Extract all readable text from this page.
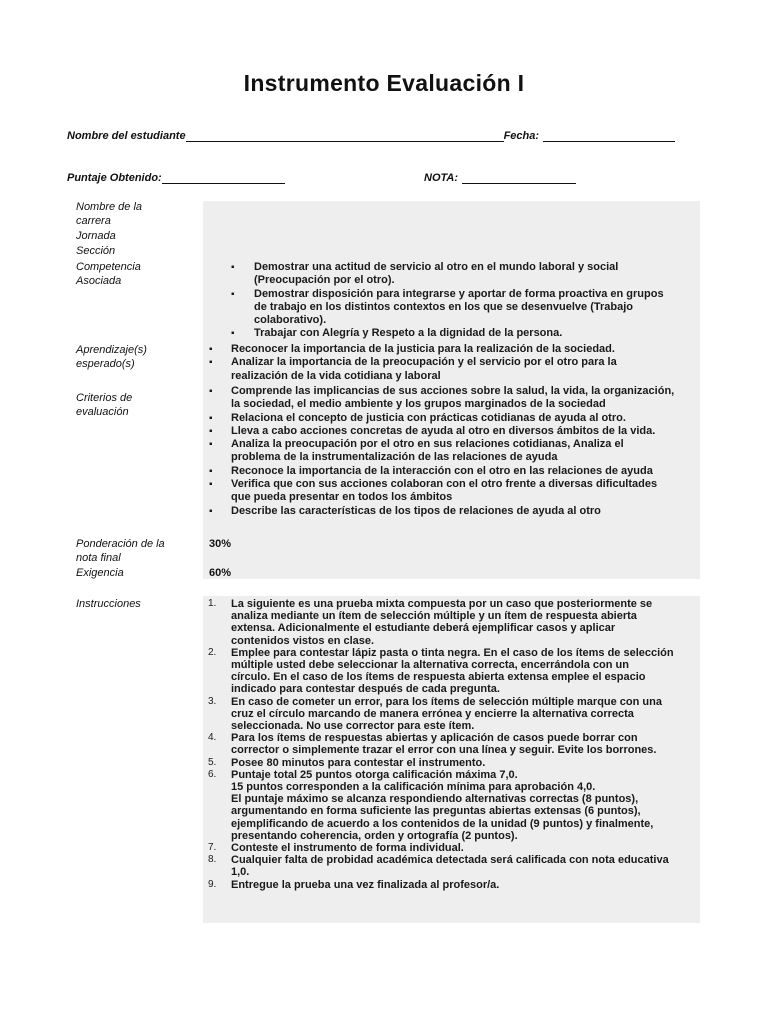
Instrumento Evaluación I
Nombre del estudiante	Fecha:
Puntaje Obtenido:	NOTA:
Nombre de la carrera
Jornada
Sección
Competencia Asociada
Aprendizaje(s) esperado(s)
Criterios de evaluación
Ponderación de la nota final
Exigencia
Instrucciones
▪ Demostrar una actitud de servicio al otro en el mundo laboral y social
(Preocupación por el otro).
▪ Demostrar disposición para integrarse y aportar de forma proactiva en grupos
de trabajo en los distintos contextos en los que se desenvuelve (Trabajo
colaborativo).
▪ Trabajar con Alegría y Respeto a la dignidad de la persona.
▪ Reconocer la importancia de la justicia para la realización de la sociedad.
▪ Analizar la importancia de la preocupación y el servicio por el otro para la
realización de la vida cotidiana y laboral
▪ Comprende las implicancias de sus acciones sobre la salud, la vida, la organización,
la sociedad, el medio ambiente y los grupos marginados de la sociedad
▪ Relaciona el concepto de justicia con prácticas cotidianas de ayuda al otro.
▪ Lleva a cabo acciones concretas de ayuda al otro en diversos ámbitos de la vida.
▪ Analiza la preocupación por el otro en sus relaciones cotidianas, Analiza el
problema de la instrumentalización de las relaciones de ayuda
▪ Reconoce la importancia de la interacción con el otro en las relaciones de ayuda
▪ Verifica que con sus acciones colaboran con el otro frente a diversas dificultades
que pueda presentar en todos los ámbitos
▪ Describe las características de los tipos de relaciones de ayuda al otro
30%
60%
1. La siguiente es una prueba mixta compuesta por un caso que posteriormente se
analiza mediante un ítem de selección múltiple y un ítem de respuesta abierta
extensa. Adicionalmente el estudiante deberá ejemplificar casos y aplicar
contenidos vistos en clase.
2. Emplee para contestar lápiz pasta o tinta negra. En el caso de los ítems de selección
múltiple usted debe seleccionar la alternativa correcta, encerrándola con un
círculo. En el caso de los ítems de respuesta abierta extensa emplee el espacio
indicado para contestar después de cada pregunta.
3. En caso de cometer un error, para los ítems de selección múltiple marque con una
cruz el círculo marcando de manera errónea y encierre la alternativa correcta
seleccionada. No use corrector para este ítem.
4. Para los ítems de respuestas abiertas y aplicación de casos puede borrar con
corrector o simplemente trazar el error con una línea y seguir. Evite los borrones.
5. Posee 80 minutos para contestar el instrumento.
6. Puntaje total 25 puntos otorga calificación máxima 7,0.
15 puntos corresponden a la calificación mínima para aprobación 4,0.
El puntaje máximo se alcanza respondiendo alternativas correctas (8 puntos),
argumentando en forma suficiente las preguntas abiertas extensas (6 puntos),
ejemplificando de acuerdo a los contenidos de la unidad (9 puntos) y finalmente,
presentando coherencia, orden y ortografía (2 puntos).
7. Conteste el instrumento de forma individual.
8. Cualquier falta de probidad académica detectada será calificada con nota educativa
1,0.
9. Entregue la prueba una vez finalizada al profesor/a.
